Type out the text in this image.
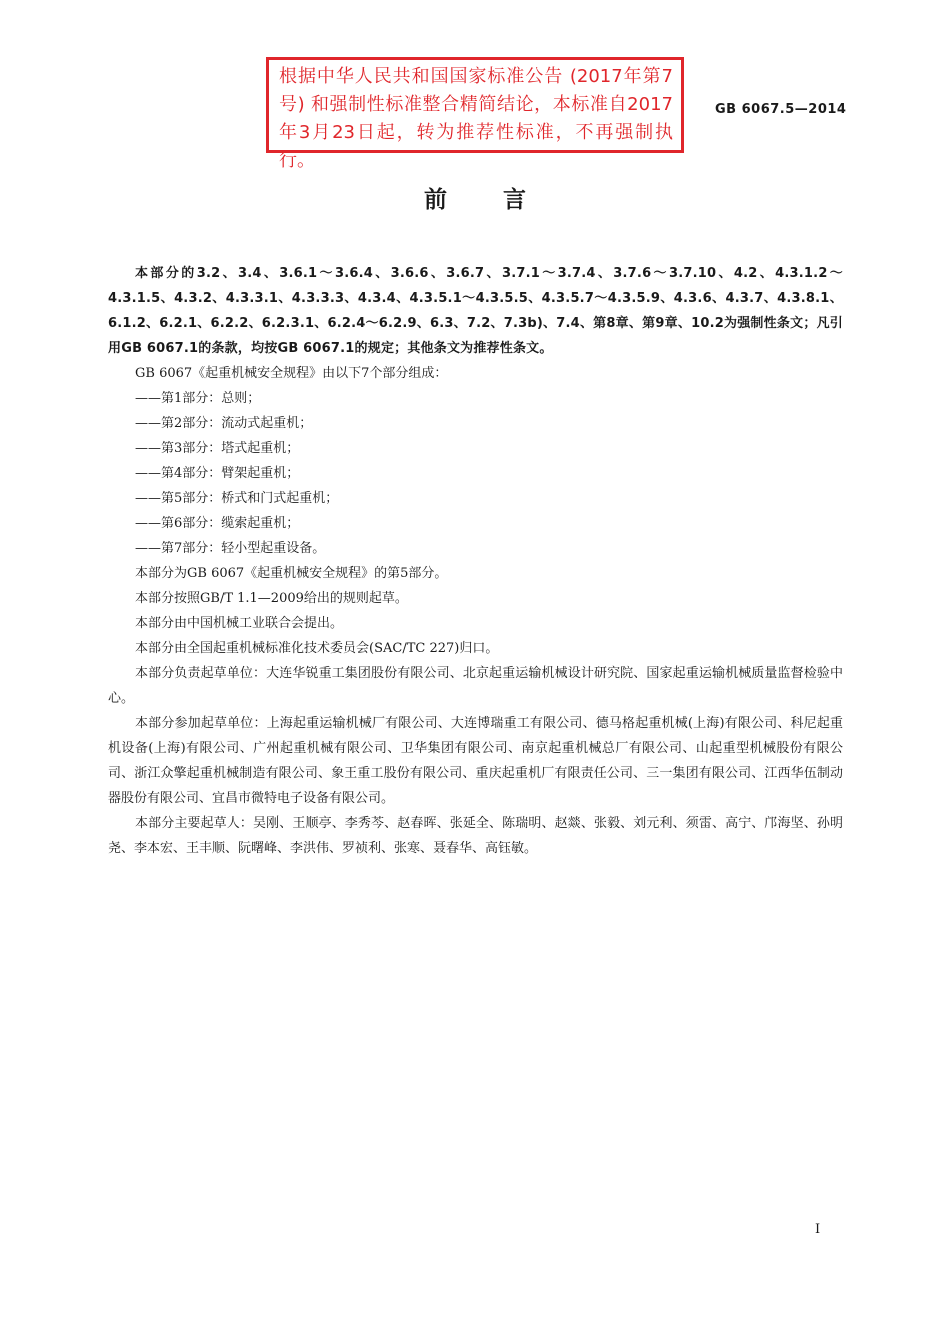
根据中华人民共和国国家标准公告 (2017年第7号) 和强制性标准整合精简结论，本标准自2017年3月23日起，转为推荐性标准，不再强制执行。
GB 6067.5—2014
前言

本部分的3.2、3.4、3.6.1～3.6.4、3.6.6、3.6.7、3.7.1～3.7.4、3.7.6～3.7.10、4.2、4.3.1.2～4.3.1.5、4.3.2、4.3.3.1、4.3.3.3、4.3.4、4.3.5.1～4.3.5.5、4.3.5.7～4.3.5.9、4.3.6、4.3.7、4.3.8.1、6.1.2、6.2.1、6.2.2、6.2.3.1、6.2.4～6.2.9、6.3、7.2、7.3b)、7.4、第8章、第9章、10.2为强制性条文；凡引用GB 6067.1的条款，均按GB 6067.1的规定；其他条文为推荐性条文。

GB 6067《起重机械安全规程》由以下7个部分组成：

——第1部分：总则；

——第2部分：流动式起重机；

——第3部分：塔式起重机；

——第4部分：臂架起重机；

——第5部分：桥式和门式起重机；

——第6部分：缆索起重机；

——第7部分：轻小型起重设备。

本部分为GB 6067《起重机械安全规程》的第5部分。

本部分按照GB/T 1.1—2009给出的规则起草。

本部分由中国机械工业联合会提出。

本部分由全国起重机械标准化技术委员会(SAC/TC 227)归口。

本部分负责起草单位：大连华锐重工集团股份有限公司、北京起重运输机械设计研究院、国家起重运输机械质量监督检验中心。

本部分参加起草单位：上海起重运输机械厂有限公司、大连博瑞重工有限公司、德马格起重机械(上海)有限公司、科尼起重机设备(上海)有限公司、广州起重机械有限公司、卫华集团有限公司、南京起重机械总厂有限公司、山起重型机械股份有限公司、浙江众擎起重机械制造有限公司、象王重工股份有限公司、重庆起重机厂有限责任公司、三一集团有限公司、江西华伍制动器股份有限公司、宜昌市微特电子设备有限公司。

本部分主要起草人：吴刚、王顺亭、李秀芩、赵春晖、张延全、陈瑞明、赵燚、张毅、刘元利、须雷、高宁、邝海坚、孙明尧、李本宏、王丰顺、阮曙峰、李洪伟、罗祯利、张寒、聂春华、高钰敏。

I
